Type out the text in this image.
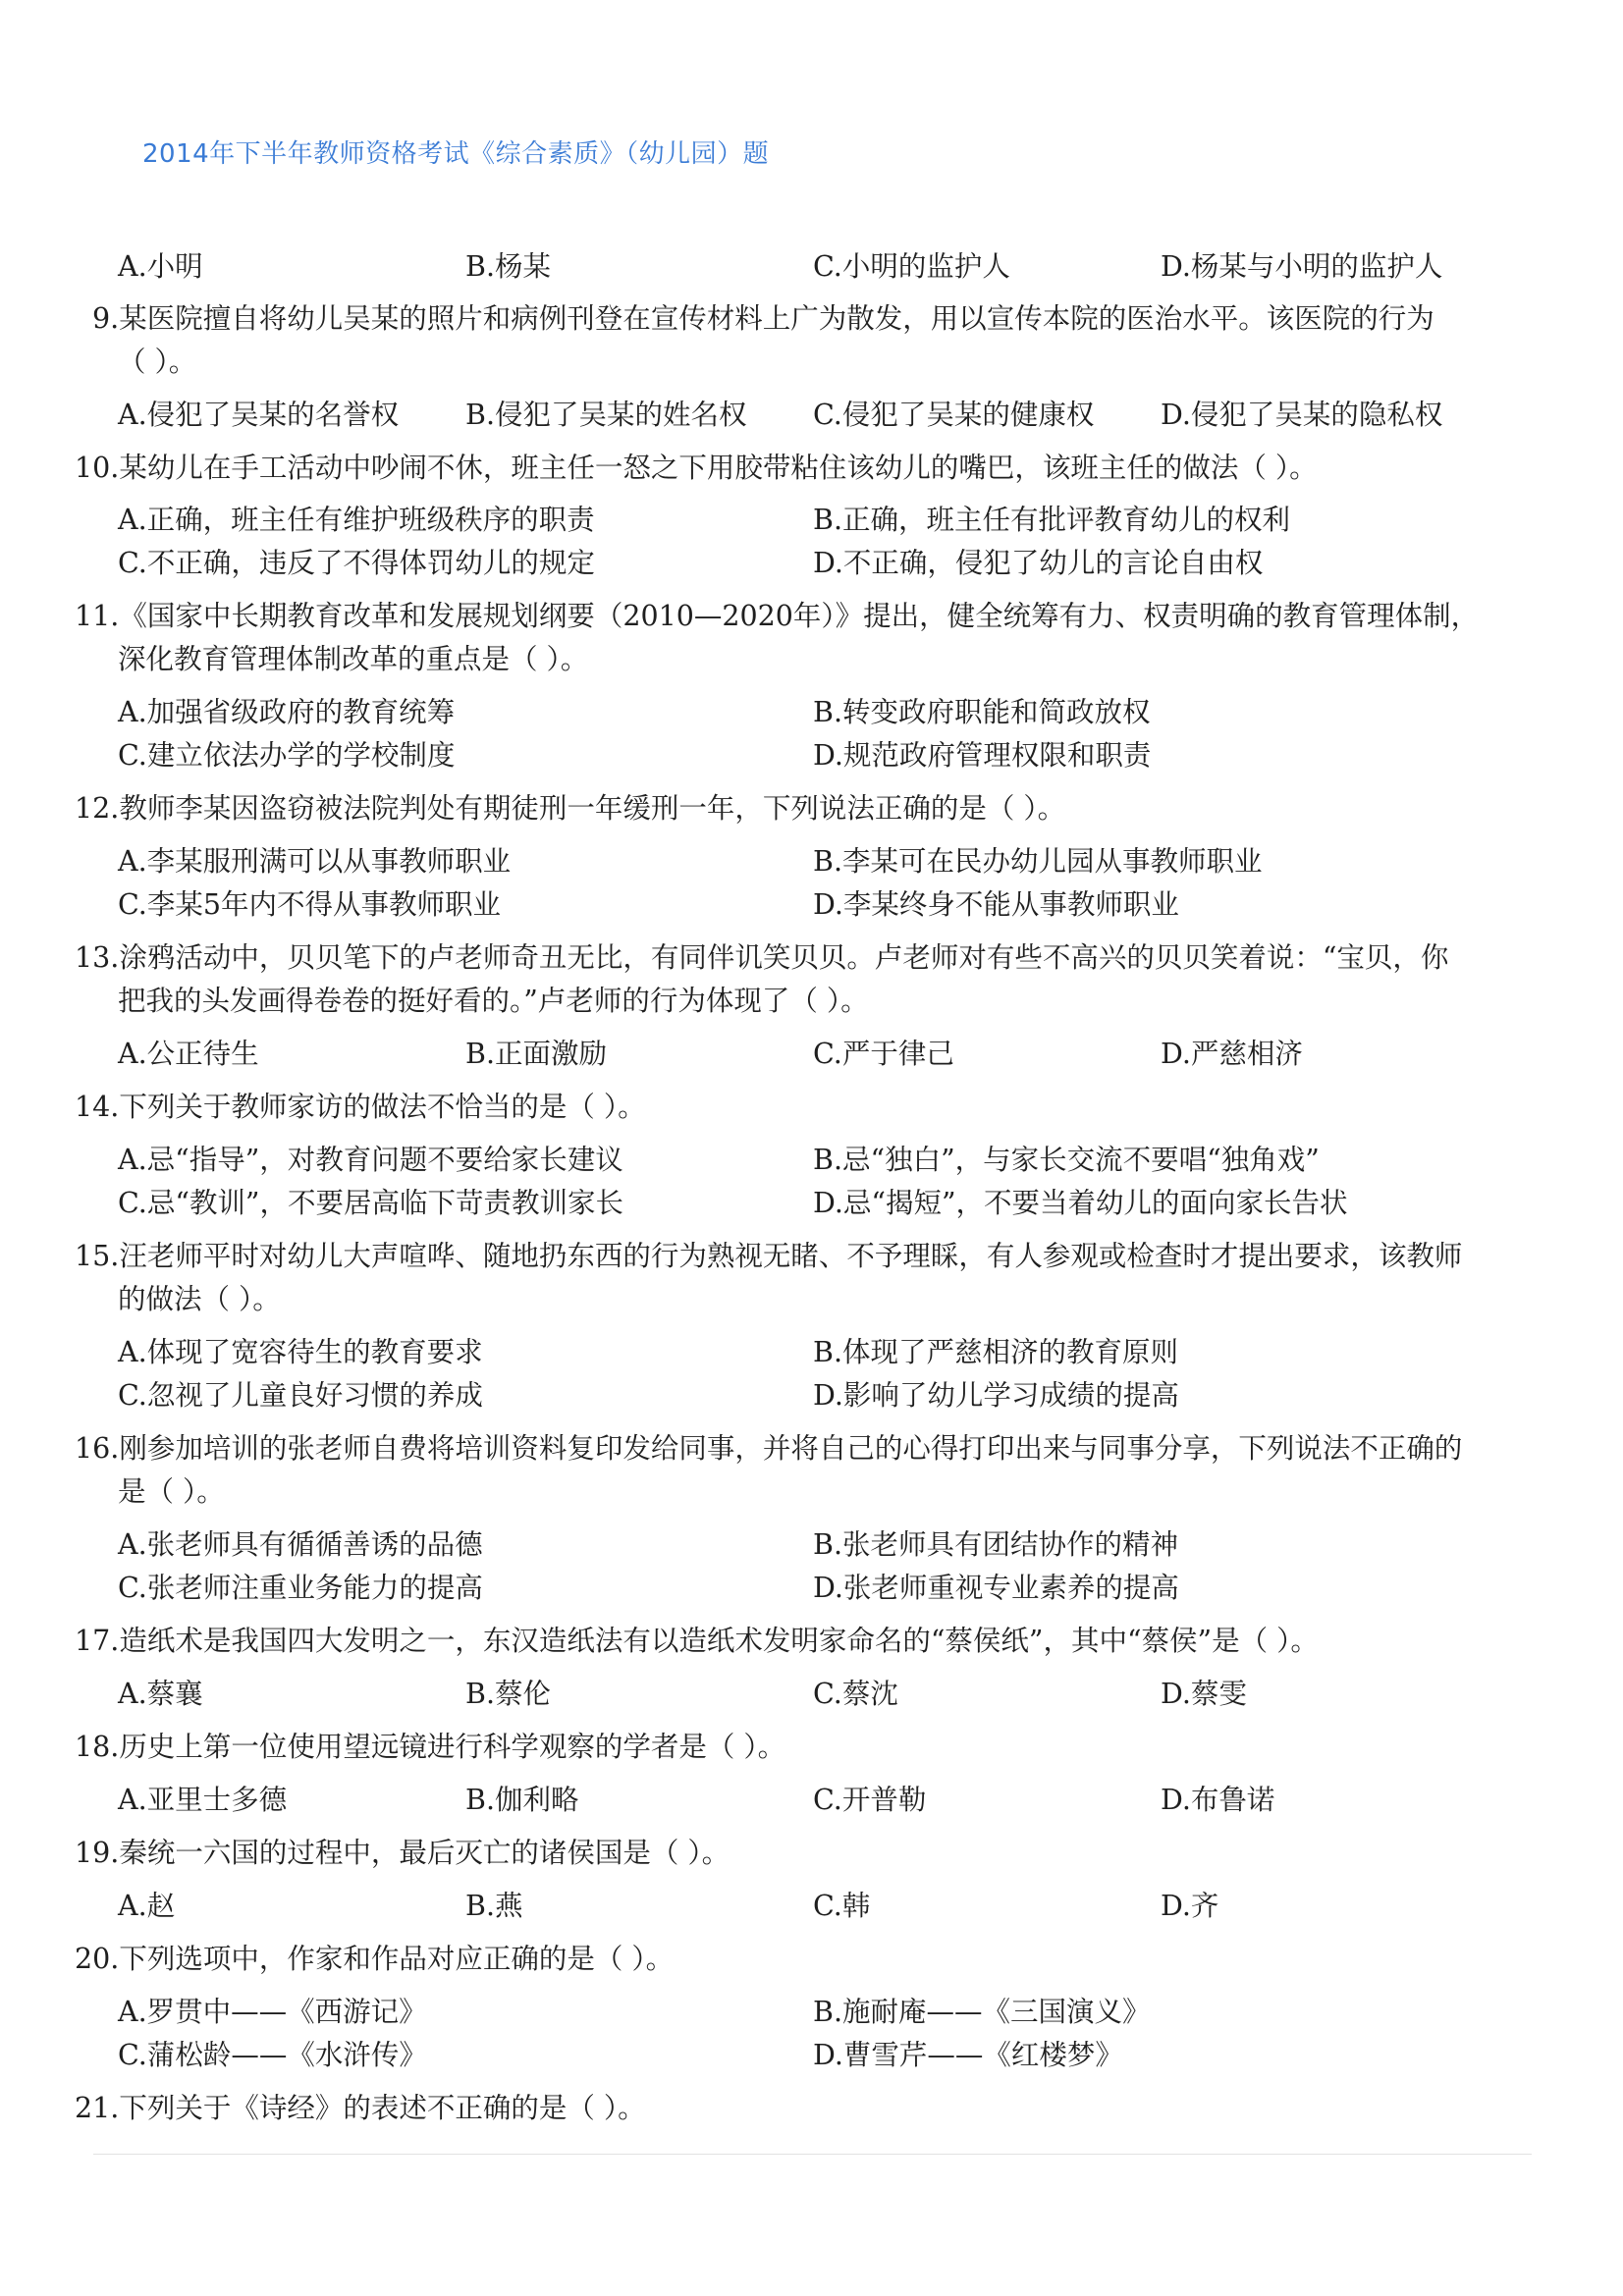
2014年下半年教师资格考试《综合素质》（幼儿园）题
A.小明	B.杨某	C.小明的监护人	D.杨某与小明的监护人
9.某医院擅自将幼儿吴某的照片和病例刊登在宣传材料上广为散发，用以宣传本院的医治水平。该医院的行为
（ ）。
A.侵犯了吴某的名誉权 B.侵犯了吴某的姓名权 C.侵犯了吴某的健康权 D.侵犯了吴某的隐私权
10.某幼儿在手工活动中吵闹不休，班主任一怒之下用胶带粘住该幼儿的嘴巴，该班主任的做法（ ）。
A.正确，班主任有维护班级秩序的职责	B.正确，班主任有批评教育幼儿的权利
C.不正确，违反了不得体罚幼儿的规定	D.不正确，侵犯了幼儿的言论自由权
11.《国家中长期教育改革和发展规划纲要（2010—2020年）》提出，健全统筹有力、权责明确的教育管理体制，
深化教育管理体制改革的重点是（ ）。
A.加强省级政府的教育统筹	B.转变政府职能和简政放权
C.建立依法办学的学校制度	D.规范政府管理权限和职责
12.教师李某因盗窃被法院判处有期徒刑一年缓刑一年，下列说法正确的是（ ）。
A.李某服刑满可以从事教师职业	B.李某可在民办幼儿园从事教师职业
C.李某5年内不得从事教师职业	D.李某终身不能从事教师职业
13.涂鸦活动中，贝贝笔下的卢老师奇丑无比，有同伴讥笑贝贝。卢老师对有些不高兴的贝贝笑着说：“宝贝，你
把我的头发画得卷卷的挺好看的。”卢老师的行为体现了（ ）。
A.公正待生	B.正面激励	C.严于律己	D.严慈相济
14.下列关于教师家访的做法不恰当的是（ ）。
A.忌“指导”，对教育问题不要给家长建议	B.忌“独白”，与家长交流不要唱“独角戏”
C.忌“教训”，不要居高临下苛责教训家长	D.忌“揭短”，不要当着幼儿的面向家长告状
15.汪老师平时对幼儿大声喧哗、随地扔东西的行为熟视无睹、不予理睬，有人参观或检查时才提出要求，该教师
的做法（ ）。
A.体现了宽容待生的教育要求	B.体现了严慈相济的教育原则
C.忽视了儿童良好习惯的养成	D.影响了幼儿学习成绩的提高
16.刚参加培训的张老师自费将培训资料复印发给同事，并将自己的心得打印出来与同事分享，下列说法不正确的
是（ ）。
A.张老师具有循循善诱的品德	B.张老师具有团结协作的精神
C.张老师注重业务能力的提高	D.张老师重视专业素养的提高
17.造纸术是我国四大发明之一，东汉造纸法有以造纸术发明家命名的“蔡侯纸”，其中“蔡侯”是（ ）。
A.蔡襄	B.蔡伦	C.蔡沈	D.蔡雯
18.历史上第一位使用望远镜进行科学观察的学者是（ ）。
A.亚里士多德	B.伽利略	C.开普勒	D.布鲁诺
19.秦统一六国的过程中，最后灭亡的诸侯国是（ ）。
A.赵	B.燕	C.韩	D.齐
20.下列选项中，作家和作品对应正确的是（ ）。
A.罗贯中——《西游记》	B.施耐庵——《三国演义》
C.蒲松龄——《水浒传》	D.曹雪芹——《红楼梦》
21.下列关于《诗经》的表述不正确的是（ ）。
